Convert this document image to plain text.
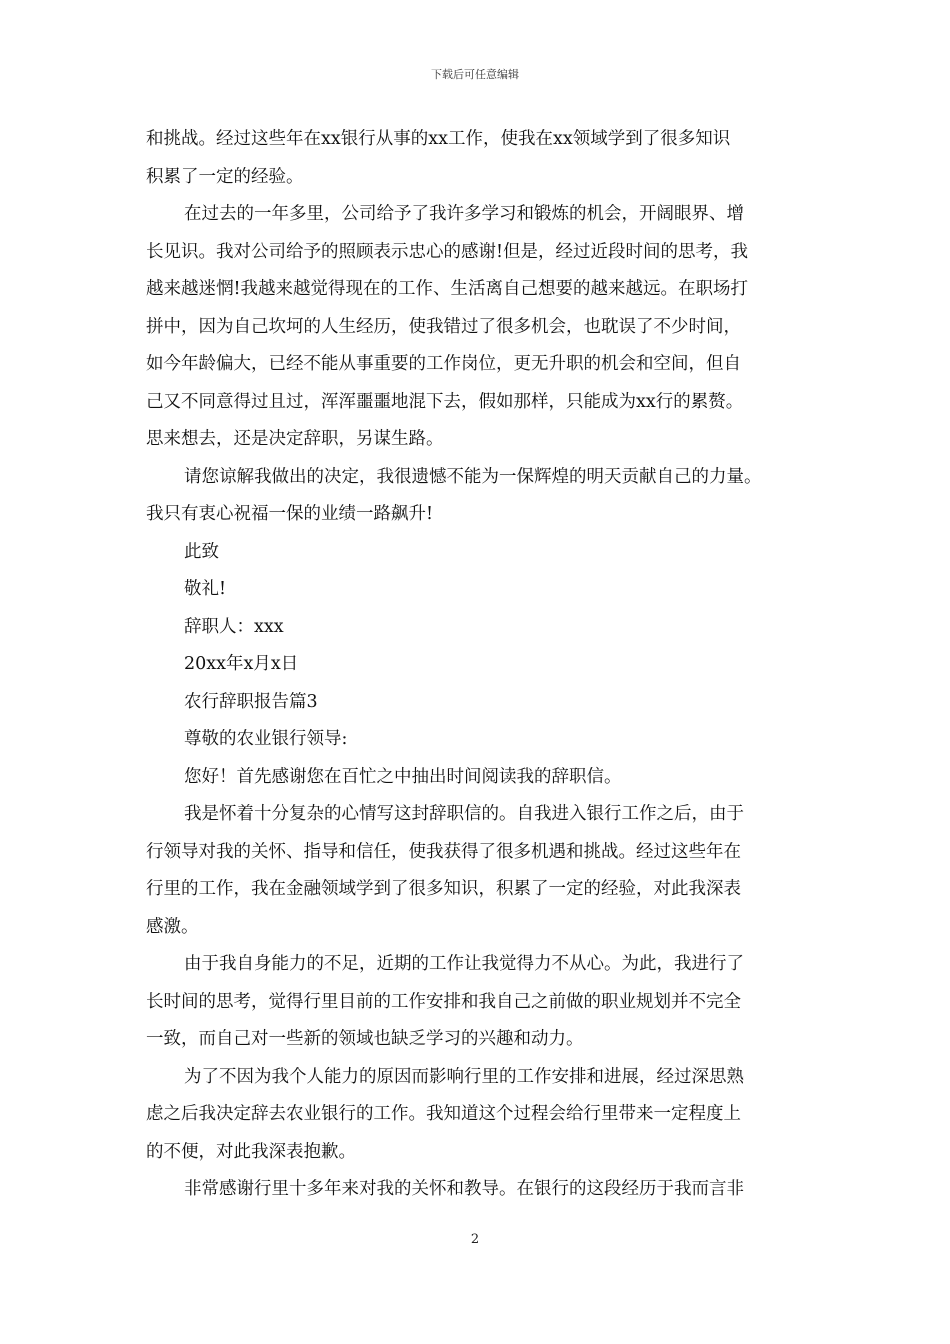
下载后可任意编辑
和挑战。经过这些年在xx银行从事的xx工作，使我在xx领域学到了很多知识
积累了一定的经验。
在过去的一年多里，公司给予了我许多学习和锻炼的机会，开阔眼界、增
长见识。我对公司给予的照顾表示忠心的感谢!但是，经过近段时间的思考，我
越来越迷惘!我越来越觉得现在的工作、生活离自己想要的越来越远。在职场打
拼中，因为自己坎坷的人生经历，使我错过了很多机会，也耽误了不少时间，
如今年龄偏大，已经不能从事重要的工作岗位，更无升职的机会和空间，但自
己又不同意得过且过，浑浑噩噩地混下去，假如那样，只能成为xx行的累赘。
思来想去，还是决定辞职，另谋生路。
请您谅解我做出的决定，我很遗憾不能为一保辉煌的明天贡献自己的力量。
我只有衷心祝福一保的业绩一路飙升!
此致
敬礼!
辞职人：xxx
20xx年x月x日
农行辞职报告篇3
尊敬的农业银行领导:
您好！首先感谢您在百忙之中抽出时间阅读我的辞职信。
我是怀着十分复杂的心情写这封辞职信的。自我进入银行工作之后，由于
行领导对我的关怀、指导和信任，使我获得了很多机遇和挑战。经过这些年在
行里的工作，我在金融领域学到了很多知识，积累了一定的经验，对此我深表
感激。
由于我自身能力的不足，近期的工作让我觉得力不从心。为此，我进行了
长时间的思考，觉得行里目前的工作安排和我自己之前做的职业规划并不完全
一致，而自己对一些新的领域也缺乏学习的兴趣和动力。
为了不因为我个人能力的原因而影响行里的工作安排和进展，经过深思熟
虑之后我决定辞去农业银行的工作。我知道这个过程会给行里带来一定程度上
的不便，对此我深表抱歉。
非常感谢行里十多年来对我的关怀和教导。在银行的这段经历于我而言非
2
